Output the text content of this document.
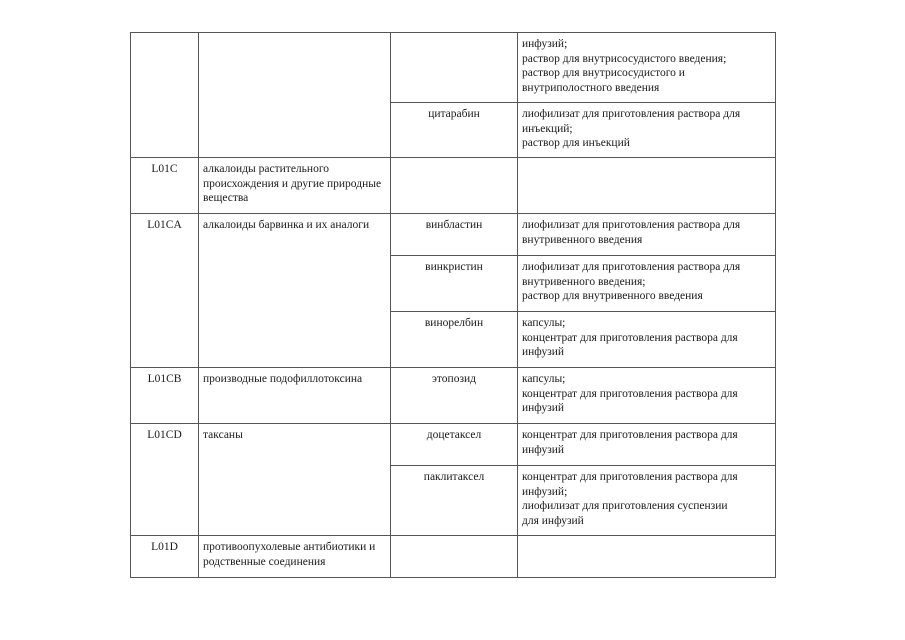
			инфузий;
раствор для внутрисосудистого введения;
раствор для внутрисосудистого и
внутриполостного введения

		цитарабин	лиофилизат для приготовления раствора для
инъекций;
раствор для инъекций

L01C	алкалоиды растительного происхождения и другие природные вещества		

L01CA	алкалоиды барвинка и их аналоги	винбластин	лиофилизат для приготовления раствора для
внутривенного введения

		винкристин	лиофилизат для приготовления раствора для
внутривенного введения;
раствор для внутривенного введения

		винорелбин	капсулы;
концентрат для приготовления раствора для
инфузий

L01CB	производные подофиллотоксина	этопозид	капсулы;
концентрат для приготовления раствора для
инфузий

L01CD	таксаны	доцетаксел	концентрат для приготовления раствора для
инфузий

		паклитаксел	концентрат для приготовления раствора для
инфузий;
лиофилизат для приготовления суспензии
для инфузий

L01D	противоопухолевые антибиотики и родственные соединения		
